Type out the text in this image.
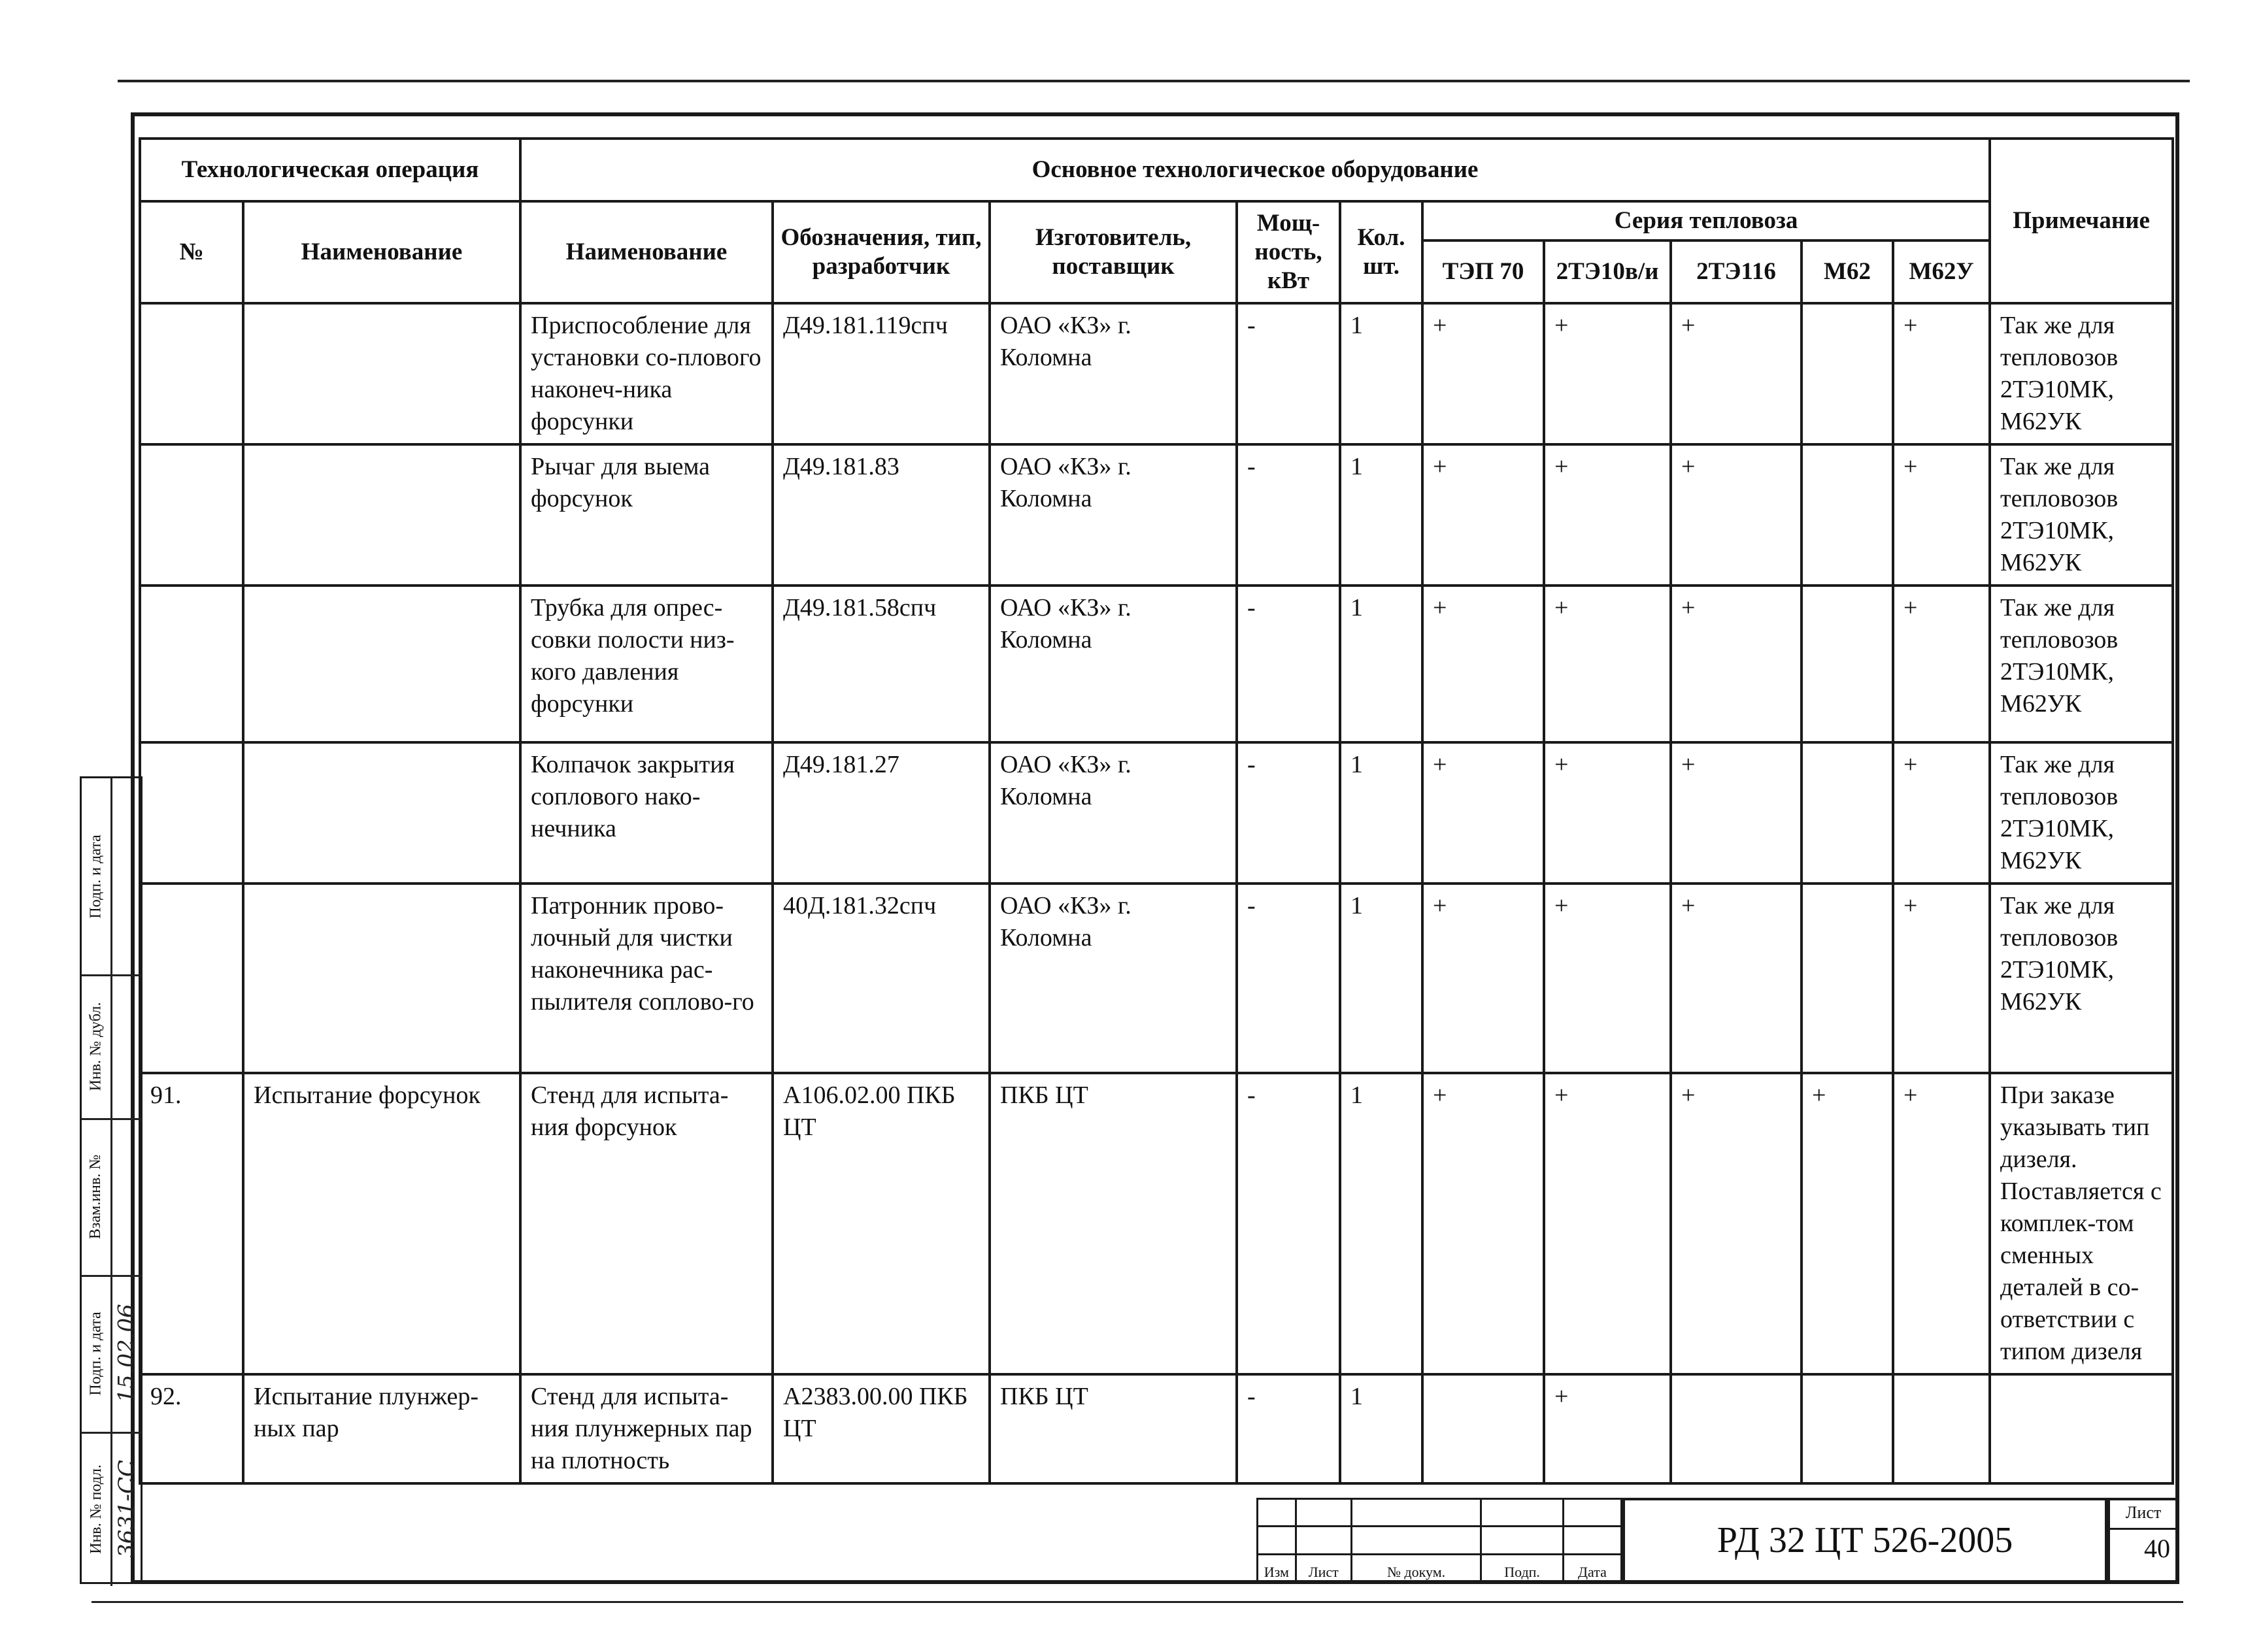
Технологическая операция		Основное технологическое оборудование										Примечание
№	Наименование	Наименование	Обозначения, тип, разработчик	Изготовитель, поставщик	Мощ-ность, кВт	Кол. шт.	Серия тепловоза					
							ТЭП 70	2ТЭ10в/и	2ТЭ116	М62	М62У	
		Приспособление для установки со-плового наконеч-ника форсунки	Д49.181.119спч	ОАО «КЗ» г. Коломна	-	1	+	+	+		+	Так же для тепловозов 2ТЭ10МК, М62УК
		Рычаг для выема форсунок	Д49.181.83	ОАО «КЗ» г. Коломна	-	1	+	+	+		+	Так же для тепловозов 2ТЭ10МК, М62УК
		Трубка для опрес-совки полости низ-кого давления форсунки	Д49.181.58спч	ОАО «КЗ» г. Коломна	-	1	+	+	+		+	Так же для тепловозов 2ТЭ10МК, М62УК
		Колпачок закрытия соплового нако-нечника	Д49.181.27	ОАО «КЗ» г. Коломна	-	1	+	+	+		+	Так же для тепловозов 2ТЭ10МК, М62УК
		Патронник прово-лочный для чистки наконечника рас-пылителя соплово-го	40Д.181.32спч	ОАО «КЗ» г. Коломна	-	1	+	+	+		+	Так же для тепловозов 2ТЭ10МК, М62УК
91.	Испытание форсунок	Стенд для испыта-ния форсунок	А106.02.00 ПКБ ЦТ	ПКБ ЦТ	-	1	+	+	+	+	+	При заказе указывать тип дизеля. Поставляется с комплек-том сменных деталей в со-ответствии с типом дизеля
92.	Испытание плунжер-ных пар	Стенд для испыта-ния плунжерных пар на плотность	А2383.00.00 ПКБ ЦТ	ПКБ ЦТ	-	1		+				

Изм	Лист	№ докум.	Подп.	Дата
РД 32 ЦТ 526-2005
Лист
40
Инв. № подл.
Подп. и дата
Взам.инв. №
Инв. № дубл.
Подп. и дата
3631-СС
15.02.06
